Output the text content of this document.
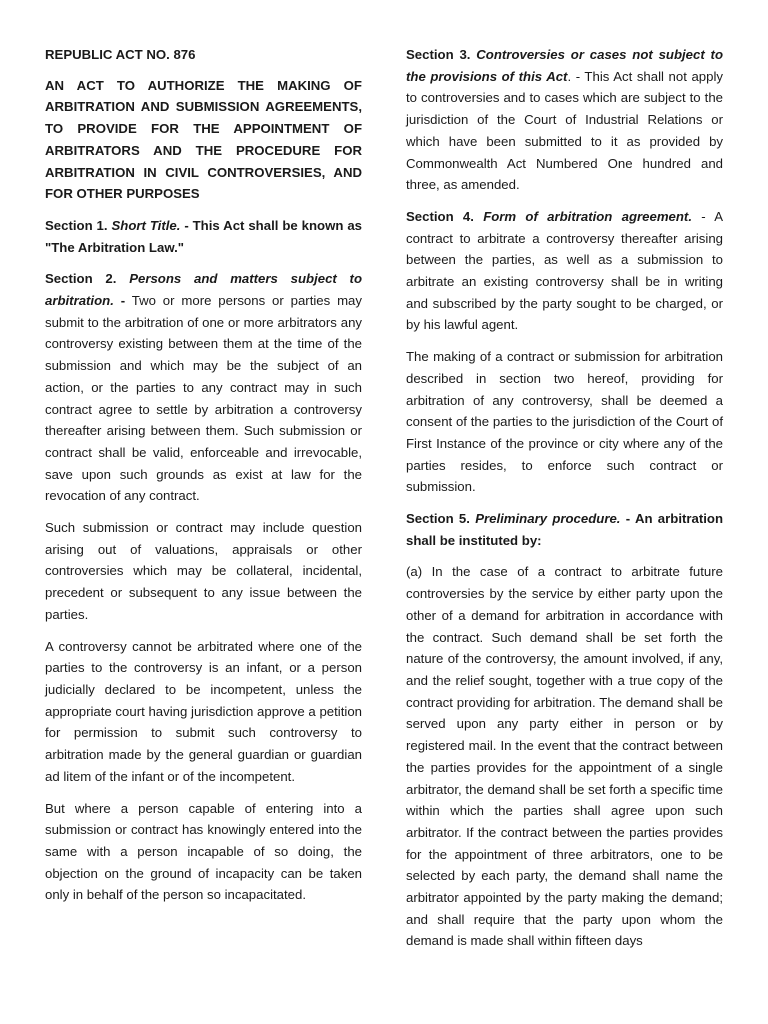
REPUBLIC ACT NO. 876

AN ACT TO AUTHORIZE THE MAKING OF ARBITRATION AND SUBMISSION AGREEMENTS, TO PROVIDE FOR THE APPOINTMENT OF ARBITRATORS AND THE PROCEDURE FOR ARBITRATION IN CIVIL CONTROVERSIES, AND FOR OTHER PURPOSES

Section 1. Short Title. - This Act shall be known as "The Arbitration Law."

Section 2. Persons and matters subject to arbitration. - Two or more persons or parties may submit to the arbitration of one or more arbitrators any controversy existing between them at the time of the submission and which may be the subject of an action, or the parties to any contract may in such contract agree to settle by arbitration a controversy thereafter arising between them. Such submission or contract shall be valid, enforceable and irrevocable, save upon such grounds as exist at law for the revocation of any contract.

Such submission or contract may include question arising out of valuations, appraisals or other controversies which may be collateral, incidental, precedent or subsequent to any issue between the parties.

A controversy cannot be arbitrated where one of the parties to the controversy is an infant, or a person judicially declared to be incompetent, unless the appropriate court having jurisdiction approve a petition for permission to submit such controversy to arbitration made by the general guardian or guardian ad litem of the infant or of the incompetent.

But where a person capable of entering into a submission or contract has knowingly entered into the same with a person incapable of so doing, the objection on the ground of incapacity can be taken only in behalf of the person so incapacitated.

Section 3. Controversies or cases not subject to the provisions of this Act. - This Act shall not apply to controversies and to cases which are subject to the jurisdiction of the Court of Industrial Relations or which have been submitted to it as provided by Commonwealth Act Numbered One hundred and three, as amended.

Section 4. Form of arbitration agreement. - A contract to arbitrate a controversy thereafter arising between the parties, as well as a submission to arbitrate an existing controversy shall be in writing and subscribed by the party sought to be charged, or by his lawful agent.

The making of a contract or submission for arbitration described in section two hereof, providing for arbitration of any controversy, shall be deemed a consent of the parties to the jurisdiction of the Court of First Instance of the province or city where any of the parties resides, to enforce such contract or submission.

Section 5. Preliminary procedure. - An arbitration shall be instituted by:

(a) In the case of a contract to arbitrate future controversies by the service by either party upon the other of a demand for arbitration in accordance with the contract. Such demand shall be set forth the nature of the controversy, the amount involved, if any, and the relief sought, together with a true copy of the contract providing for arbitration. The demand shall be served upon any party either in person or by registered mail. In the event that the contract between the parties provides for the appointment of a single arbitrator, the demand shall be set forth a specific time within which the parties shall agree upon such arbitrator. If the contract between the parties provides for the appointment of three arbitrators, one to be selected by each party, the demand shall name the arbitrator appointed by the party making the demand; and shall require that the party upon whom the demand is made shall within fifteen days
